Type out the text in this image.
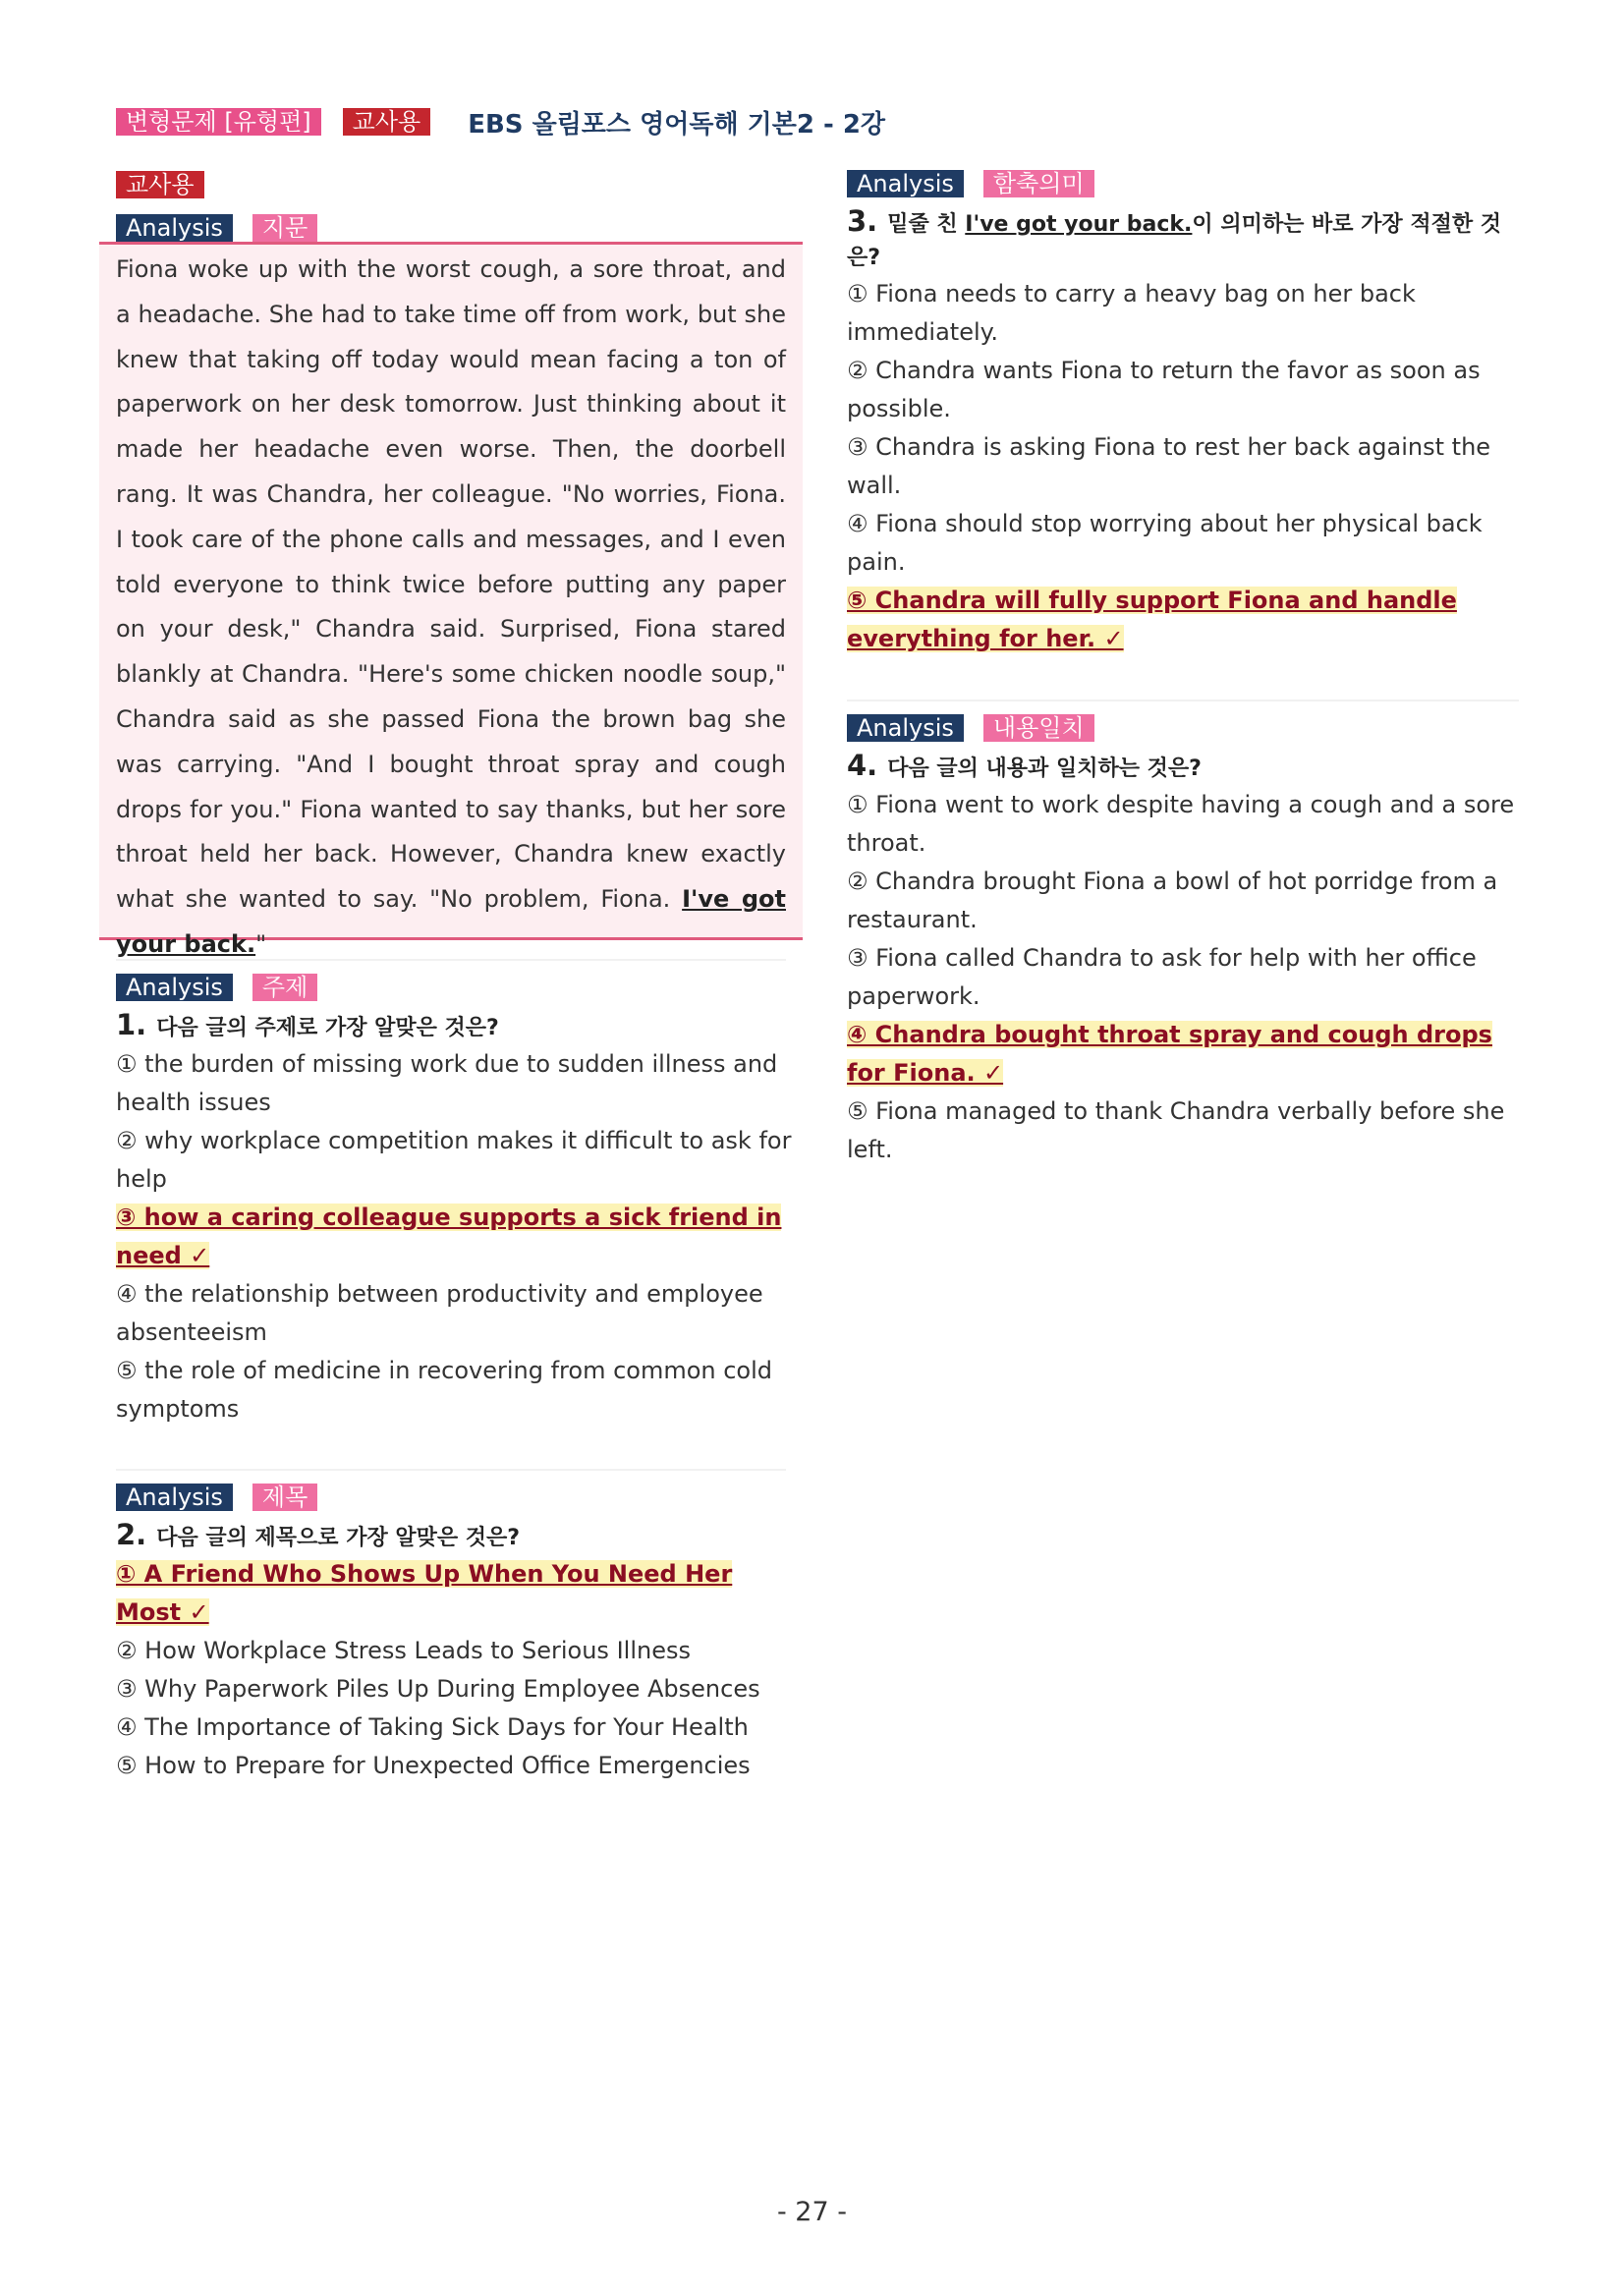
변형문제 [유형편]	교사용	EBS 올림포스 영어독해 기본2 - 2강
교사용
Analysis	지문
Fiona woke up with the worst cough, a sore throat, and a headache. She had to take time off from work, but she knew that taking off today would mean facing a ton of paperwork on her desk tomorrow. Just thinking about it made her headache even worse. Then, the doorbell rang. It was Chandra, her colleague. "No worries, Fiona. I took care of the phone calls and messages, and I even told everyone to think twice before putting any paper on your desk," Chandra said. Surprised, Fiona stared blankly at Chandra. "Here's some chicken noodle soup," Chandra said as she passed Fiona the brown bag she was carrying. "And I bought throat spray and cough drops for you." Fiona wanted to say thanks, but her sore throat held her back. However, Chandra knew exactly what she wanted to say. "No problem, Fiona. I've got your back."
Analysis	주제
1. 다음 글의 주제로 가장 알맞은 것은?
① the burden of missing work due to sudden illness and health issues
② why workplace competition makes it difficult to ask for help
③ how a caring colleague supports a sick friend in need ✓
④ the relationship between productivity and employee absenteeism
⑤ the role of medicine in recovering from common cold symptoms
Analysis	제목
2. 다음 글의 제목으로 가장 알맞은 것은?
① A Friend Who Shows Up When You Need Her Most ✓
② How Workplace Stress Leads to Serious Illness
③ Why Paperwork Piles Up During Employee Absences
④ The Importance of Taking Sick Days for Your Health
⑤ How to Prepare for Unexpected Office Emergencies
Analysis	함축의미
3. 밑줄 친 I've got your back.이 의미하는 바로 가장 적절한 것은?
① Fiona needs to carry a heavy bag on her back immediately.
② Chandra wants Fiona to return the favor as soon as possible.
③ Chandra is asking Fiona to rest her back against the wall.
④ Fiona should stop worrying about her physical back pain.
⑤ Chandra will fully support Fiona and handle everything for her. ✓
Analysis	내용일치
4. 다음 글의 내용과 일치하는 것은?
① Fiona went to work despite having a cough and a sore throat.
② Chandra brought Fiona a bowl of hot porridge from a restaurant.
③ Fiona called Chandra to ask for help with her office paperwork.
④ Chandra bought throat spray and cough drops for Fiona. ✓
⑤ Fiona managed to thank Chandra verbally before she left.
- 27 -
